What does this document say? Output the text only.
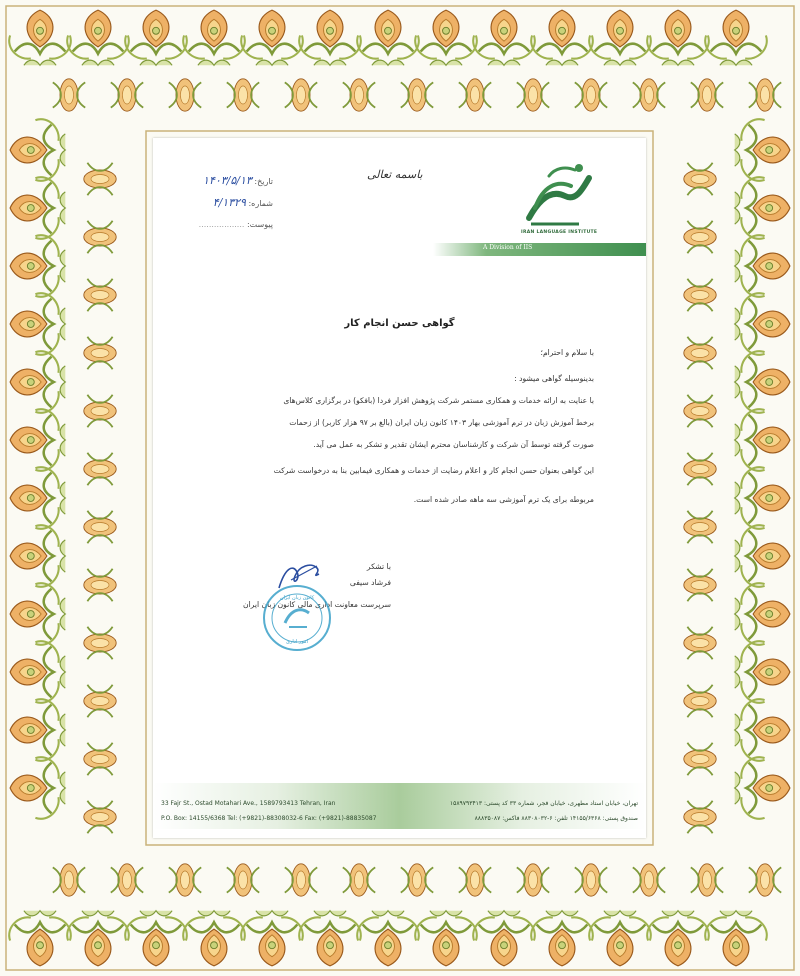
IRAN LANGUAGE INSTITUTE
A Division of IIS
باسمه تعالی
تاریخ: ۱۴۰۳/۵/۱۳
شماره: ۴/۱۳۲۹
پیوست: ..................
گواهی حسن انجام کار
با سلام و احترام؛
بدینوسیله گواهی میشود :
با عنایت به ارائه خدمات و همکاری مستمر شرکت پژوهش افزار فردا (بافکو) در برگزاری کلاس‌های
برخط آموزش زبان در ترم آموزشی بهار ۱۴۰۳ کانون زبان ایران (بالغ بر ۹۷ هزار کاربر) از زحمات
صورت گرفته توسط آن شرکت و کارشناسان محترم ایشان تقدیر و تشکر به عمل می آید.
این گواهی بعنوان حسن انجام کار و اعلام رضایت از خدمات و همکاری فیمابین بنا به درخواست شرکت
مربوطه برای یک ترم آموزشی سه ماهه صادر شده است.
با تشکر
فرشاد سیفی
سرپرست معاونت اداری مالی کانون زبان ایران
کانون زبان ایران
امور اداری
33 Fajr St., Ostad Motahari Ave., 1589793413 Tehran, Iran
P.O. Box: 14155/6368 Tel: (+9821)-88308032-6 Fax: (+9821)-88835087
تهران، خیابان استاد مطهری، خیابان فجر، شماره ۳۳ کد پستی: ۱۵۸۹۷۹۳۴۱۳
صندوق پستی: ۱۴۱۵۵/۶۳۶۸ تلفن: ۶-۸۸۳۰۸۰۳۲ فاکس: ۸۸۸۳۵۰۸۷
